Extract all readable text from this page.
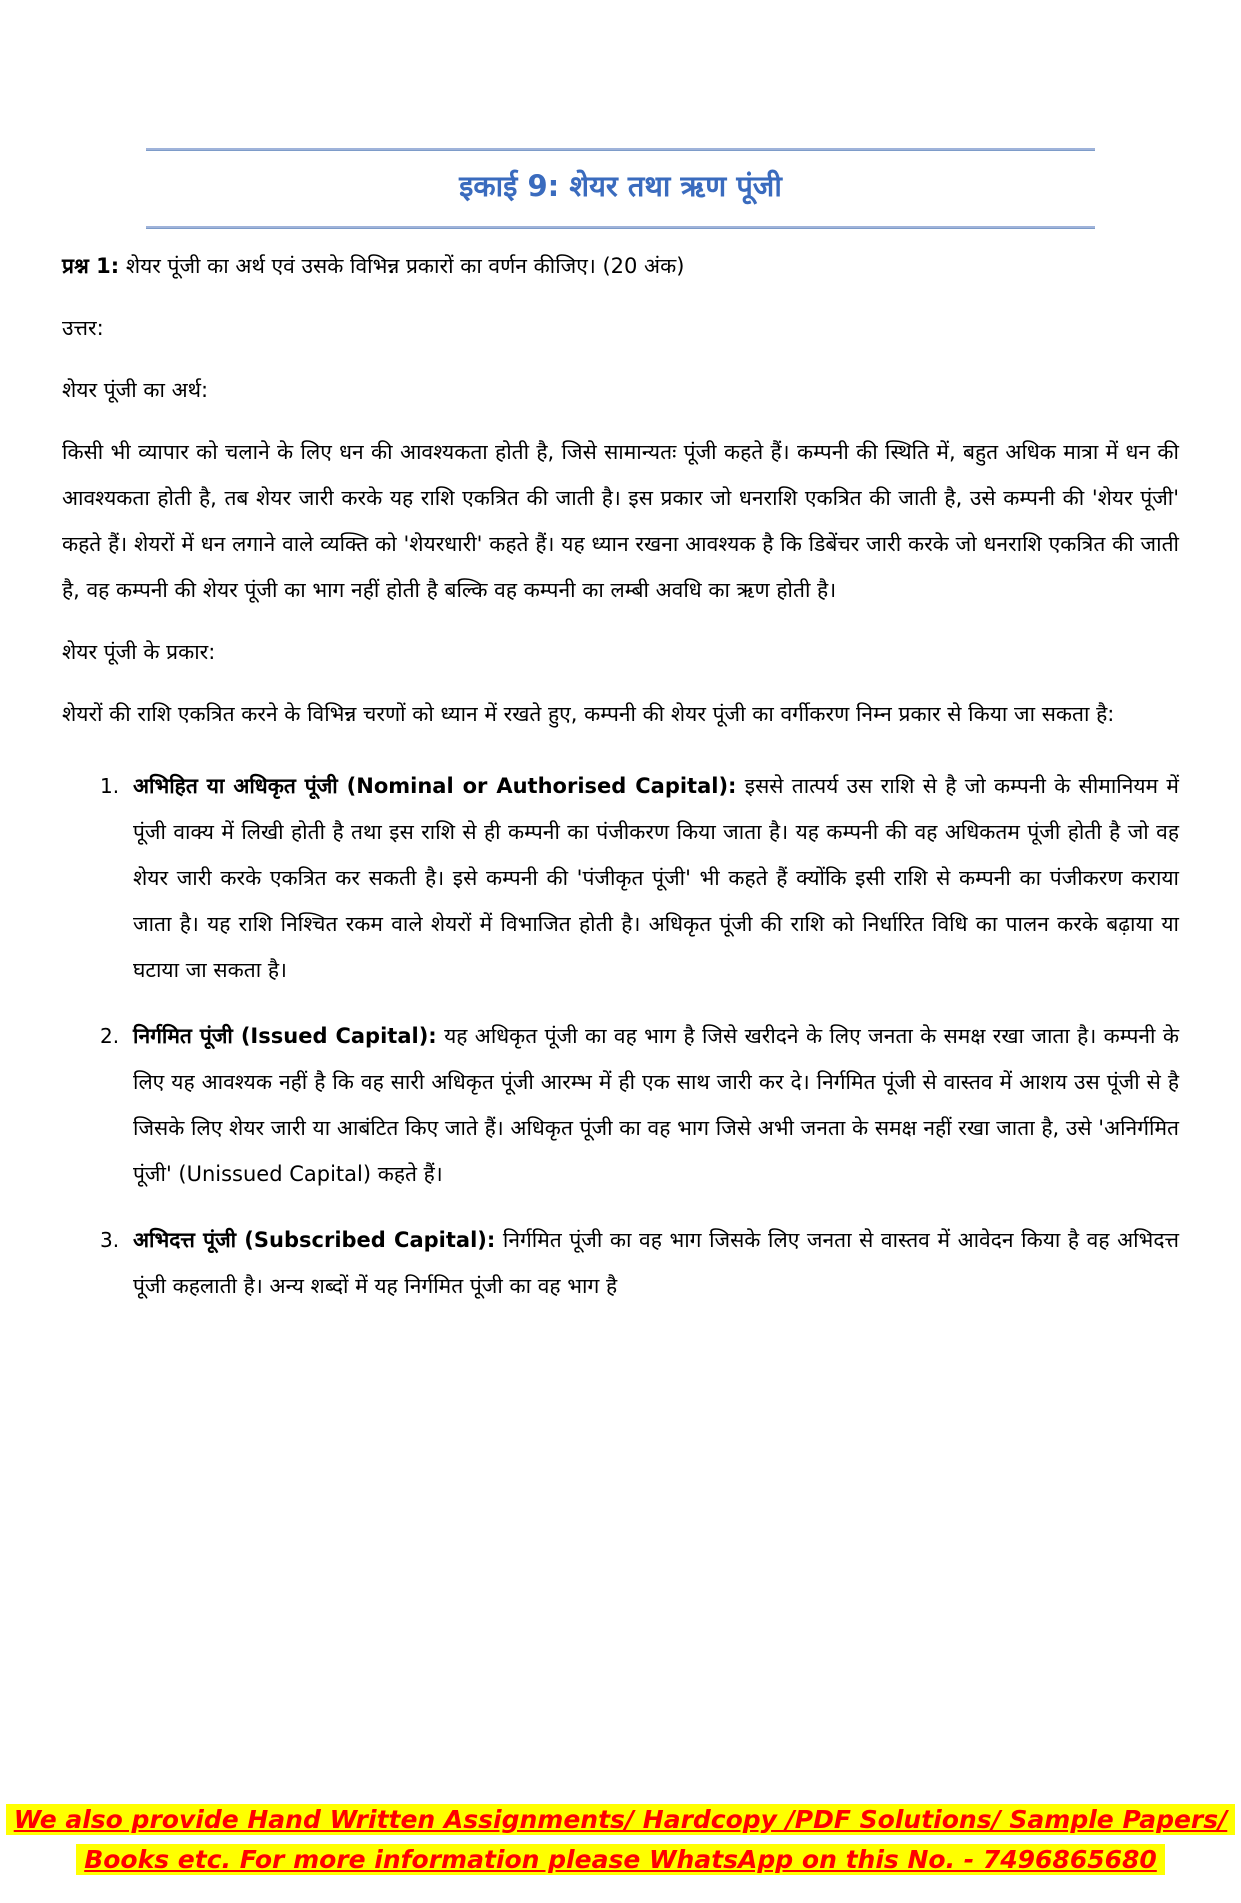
इकाई 9: शेयर तथा ऋण पूंजी

प्रश्न 1: शेयर पूंजी का अर्थ एवं उसके विभिन्न प्रकारों का वर्णन कीजिए। (20 अंक)

उत्तर:

शेयर पूंजी का अर्थ:

किसी भी व्यापार को चलाने के लिए धन की आवश्यकता होती है, जिसे सामान्यतः पूंजी कहते हैं। कम्पनी की स्थिति में, बहुत अधिक मात्रा में धन की आवश्यकता होती है, तब शेयर जारी करके यह राशि एकत्रित की जाती है। इस प्रकार जो धनराशि एकत्रित की जाती है, उसे कम्पनी की 'शेयर पूंजी' कहते हैं। शेयरों में धन लगाने वाले व्यक्ति को 'शेयरधारी' कहते हैं। यह ध्यान रखना आवश्यक है कि डिबेंचर जारी करके जो धनराशि एकत्रित की जाती है, वह कम्पनी की शेयर पूंजी का भाग नहीं होती है बल्कि वह कम्पनी का लम्बी अवधि का ऋण होती है।

शेयर पूंजी के प्रकार:

शेयरों की राशि एकत्रित करने के विभिन्न चरणों को ध्यान में रखते हुए, कम्पनी की शेयर पूंजी का वर्गीकरण निम्न प्रकार से किया जा सकता है:

1. अभिहित या अधिकृत पूंजी (Nominal or Authorised Capital): इससे तात्पर्य उस राशि से है जो कम्पनी के सीमानियम में पूंजी वाक्य में लिखी होती है तथा इस राशि से ही कम्पनी का पंजीकरण किया जाता है। यह कम्पनी की वह अधिकतम पूंजी होती है जो वह शेयर जारी करके एकत्रित कर सकती है। इसे कम्पनी की 'पंजीकृत पूंजी' भी कहते हैं क्योंकि इसी राशि से कम्पनी का पंजीकरण कराया जाता है। यह राशि निश्चित रकम वाले शेयरों में विभाजित होती है। अधिकृत पूंजी की राशि को निर्धारित विधि का पालन करके बढ़ाया या घटाया जा सकता है।
2. निर्गमित पूंजी (Issued Capital): यह अधिकृत पूंजी का वह भाग है जिसे खरीदने के लिए जनता के समक्ष रखा जाता है। कम्पनी के लिए यह आवश्यक नहीं है कि वह सारी अधिकृत पूंजी आरम्भ में ही एक साथ जारी कर दे। निर्गमित पूंजी से वास्तव में आशय उस पूंजी से है जिसके लिए शेयर जारी या आबंटित किए जाते हैं। अधिकृत पूंजी का वह भाग जिसे अभी जनता के समक्ष नहीं रखा जाता है, उसे 'अनिर्गमित पूंजी' (Unissued Capital) कहते हैं।
3. अभिदत्त पूंजी (Subscribed Capital): निर्गमित पूंजी का वह भाग जिसके लिए जनता से वास्तव में आवेदन किया है वह अभिदत्त पूंजी कहलाती है। अन्य शब्दों में यह निर्गमित पूंजी का वह भाग है
We also provide Hand Written Assignments/ Hardcopy /PDF Solutions/ Sample Papers/
Books etc. For more information please WhatsApp on this No. - 7496865680
